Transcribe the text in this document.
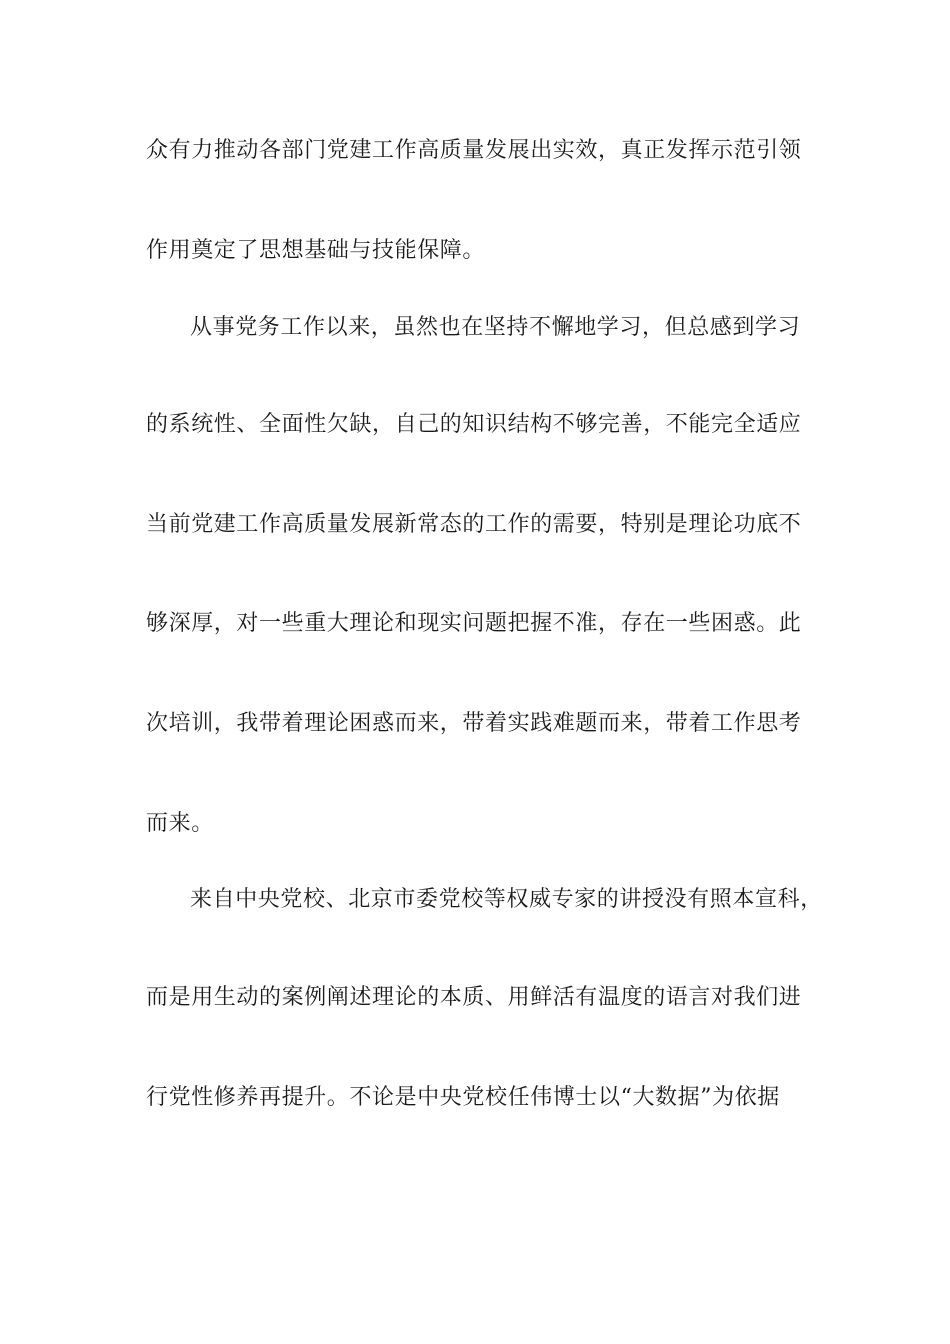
众有力推动各部门党建工作高质量发展出实效，真正发挥示范引领
作用奠定了思想基础与技能保障。
从事党务工作以来，虽然也在坚持不懈地学习，但总感到学习
的系统性、全面性欠缺，自己的知识结构不够完善，不能完全适应
当前党建工作高质量发展新常态的工作的需要，特别是理论功底不
够深厚，对一些重大理论和现实问题把握不准，存在一些困惑。此
次培训，我带着理论困惑而来，带着实践难题而来，带着工作思考
而来。
来自中央党校、北京市委党校等权威专家的讲授没有照本宣科，
而是用生动的案例阐述理论的本质、用鲜活有温度的语言对我们进
行党性修养再提升。不论是中央党校任伟博士以“大数据”为依据
